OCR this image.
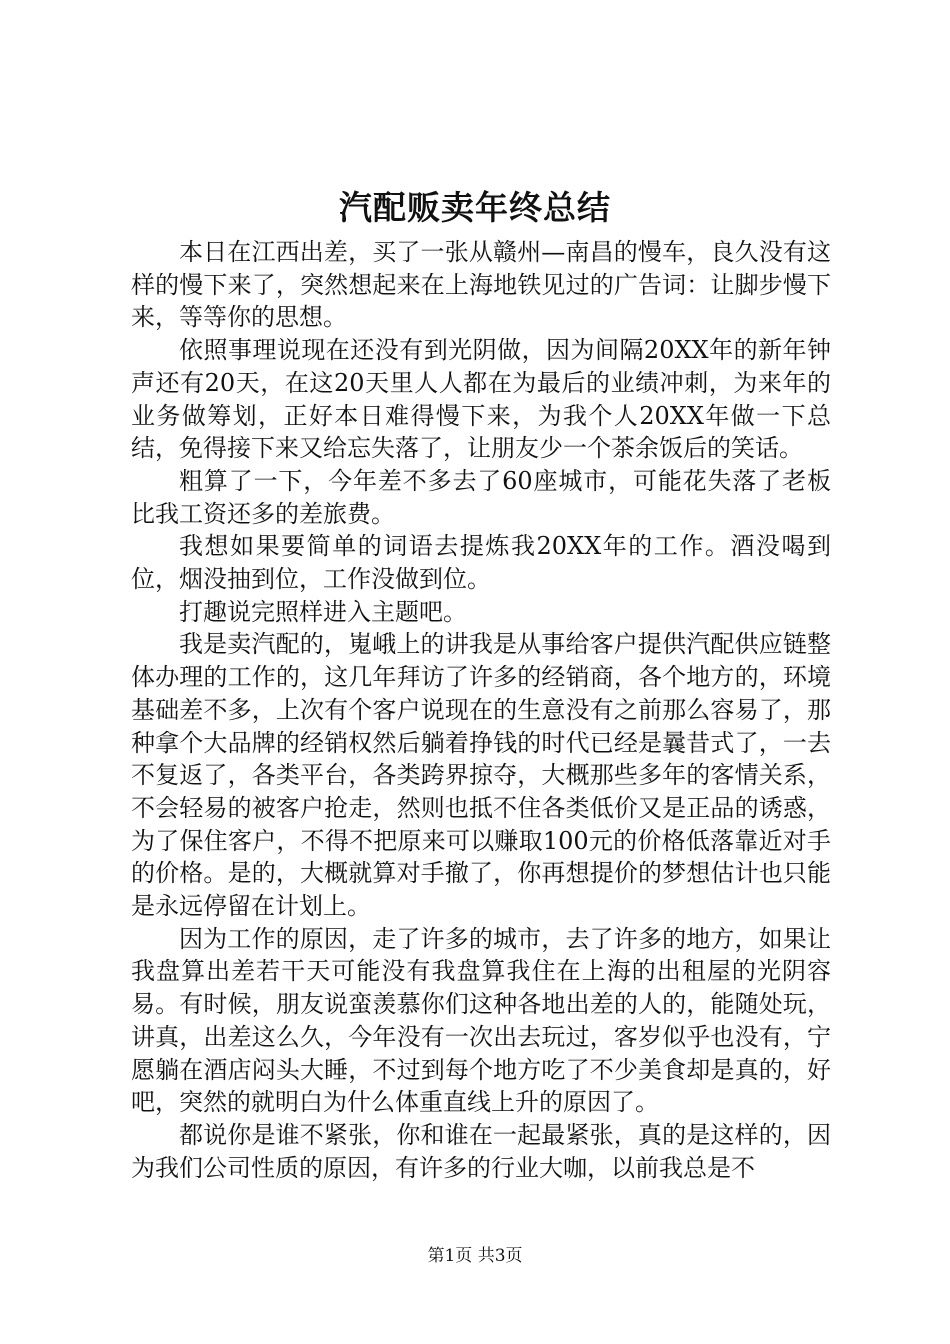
汽配贩卖年终总结

本日在江西出差，买了一张从赣州—南昌的慢车，良久没有这样的慢下来了，突然想起来在上海地铁见过的广告词：让脚步慢下来，等等你的思想。

依照事理说现在还没有到光阴做，因为间隔20XX年的新年钟声还有20天，在这20天里人人都在为最后的业绩冲刺，为来年的业务做筹划，正好本日难得慢下来，为我个人20XX年做一下总结，免得接下来又给忘失落了，让朋友少一个茶余饭后的笑话。

粗算了一下，今年差不多去了60座城市，可能花失落了老板比我工资还多的差旅费。

我想如果要简单的词语去提炼我20XX年的工作。酒没喝到位，烟没抽到位，工作没做到位。

打趣说完照样进入主题吧。

我是卖汽配的，嵬峨上的讲我是从事给客户提供汽配供应链整体办理的工作的，这几年拜访了许多的经销商，各个地方的，环境基础差不多，上次有个客户说现在的生意没有之前那么容易了，那种拿个大品牌的经销权然后躺着挣钱的时代已经是曩昔式了，一去不复返了，各类平台，各类跨界掠夺，大概那些多年的客情关系，不会轻易的被客户抢走，然则也抵不住各类低价又是正品的诱惑，为了保住客户，不得不把原来可以赚取100元的价格低落靠近对手的价格。是的，大概就算对手撤了，你再想提价的梦想估计也只能是永远停留在计划上。

因为工作的原因，走了许多的城市，去了许多的地方，如果让我盘算出差若干天可能没有我盘算我住在上海的出租屋的光阴容易。有时候，朋友说蛮羡慕你们这种各地出差的人的，能随处玩，讲真，出差这么久，今年没有一次出去玩过，客岁似乎也没有，宁愿躺在酒店闷头大睡，不过到每个地方吃了不少美食却是真的，好吧，突然的就明白为什么体重直线上升的原因了。

都说你是谁不紧张，你和谁在一起最紧张，真的是这样的，因为我们公司性质的原因，有许多的行业大咖，以前我总是不

第1页 共3页
